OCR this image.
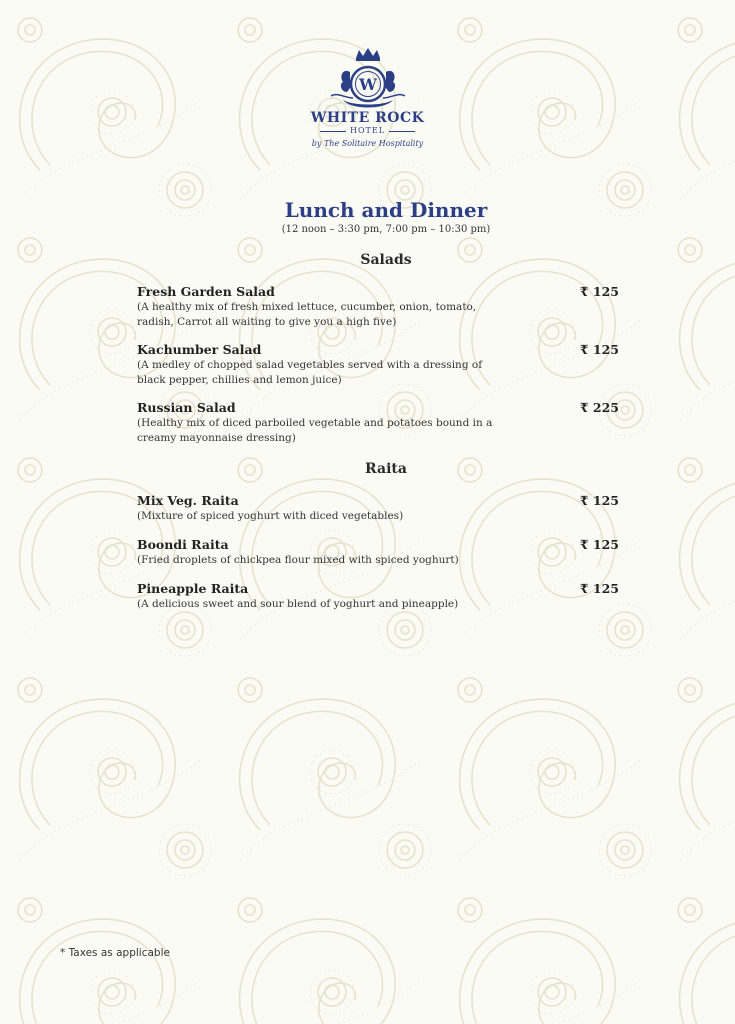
W
WHITE ROCK
HOTEL
by The Solitaire Hospitality
Lunch and Dinner
(12 noon – 3:30 pm, 7:00 pm – 10:30 pm)
Salads
Fresh Garden Salad
(A healthy mix of fresh mixed lettuce, cucumber, onion, tomato, radish, Carrot all waiting to give you a high five)
₹ 125
Kachumber Salad
(A medley of chopped salad vegetables served with a dressing of black pepper, chillies and lemon juice)
₹ 125
Russian Salad
(Healthy mix of diced parboiled vegetable and potatoes bound in a creamy mayonnaise dressing)
₹ 225
Raita
Mix Veg. Raita
(Mixture of spiced yoghurt with diced vegetables)
₹ 125
Boondi Raita
(Fried droplets of chickpea flour mixed with spiced yoghurt)
₹ 125
Pineapple Raita
(A delicious sweet and sour blend of yoghurt and pineapple)
₹ 125
* Taxes as applicable
